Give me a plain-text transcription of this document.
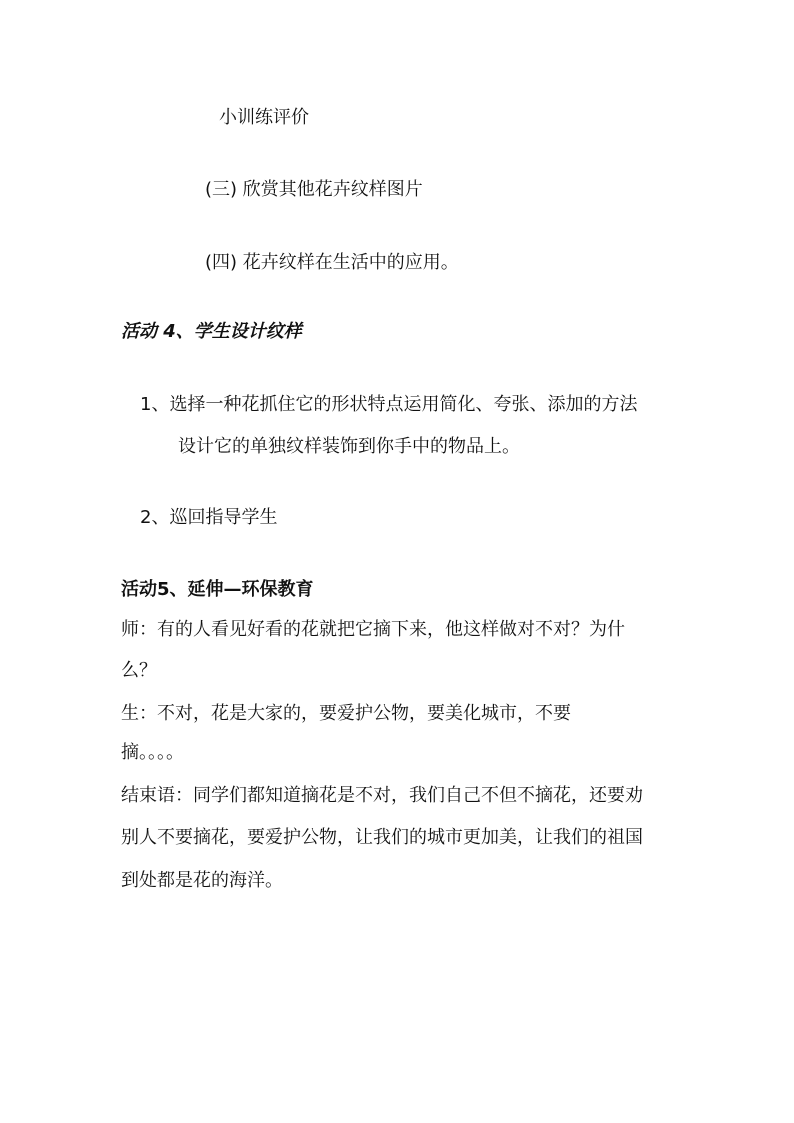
小训练评价
(三) 欣赏其他花卉纹样图片
(四) 花卉纹样在生活中的应用。
活动 4、学生设计纹样
1、选择一种花抓住它的形状特点运用简化、夸张、添加的方法
设计它的单独纹样装饰到你手中的物品上。
2、巡回指导学生
活动5、延伸—环保教育
师：有的人看见好看的花就把它摘下来，他这样做对不对？为什
么？
生：不对，花是大家的，要爱护公物，要美化城市，不要
摘。。。。
结束语：同学们都知道摘花是不对，我们自己不但不摘花，还要劝
别人不要摘花，要爱护公物，让我们的城市更加美，让我们的祖国
到处都是花的海洋。
